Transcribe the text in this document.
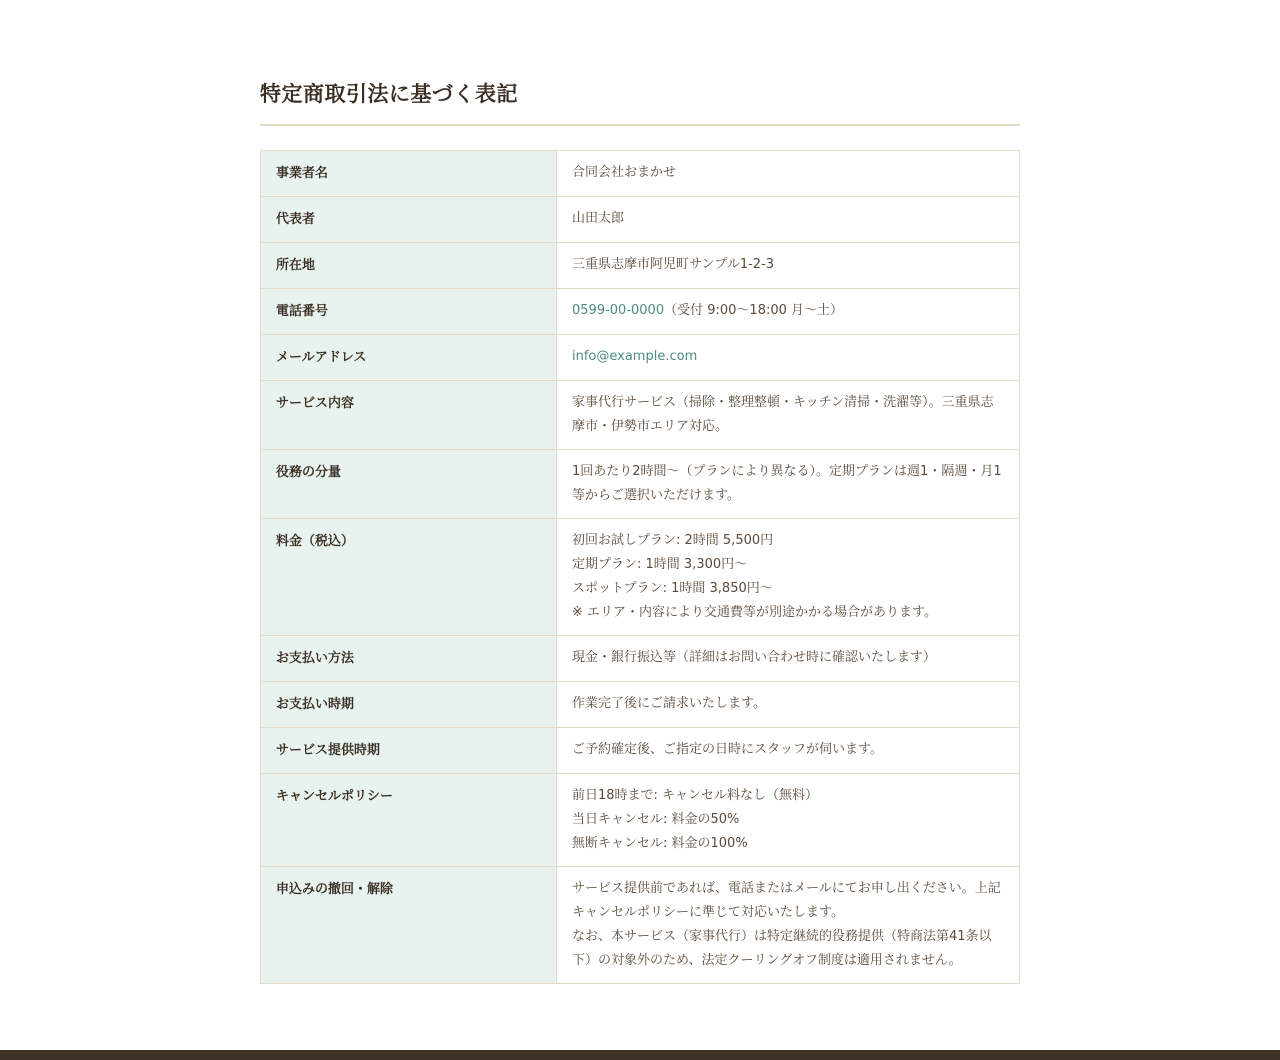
特定商取引法に基づく表記
事業者名	合同会社おまかせ

代表者	山田太郎

所在地	三重県志摩市阿児町サンプル1-2-3

電話番号	0599-00-0000（受付 9:00〜18:00 月〜土）

メールアドレス	info@example.com

サービス内容	家事代行サービス（掃除・整理整頓・キッチン清掃・洗濯等）。三重県志摩市・伊勢市エリア対応。

役務の分量	1回あたり2時間〜（プランにより異なる）。定期プランは週1・隔週・月1等からご選択いただけます。

料金（税込）	初回お試しプラン: 2時間 5,500円
定期プラン: 1時間 3,300円〜
スポットプラン: 1時間 3,850円〜
※ エリア・内容により交通費等が別途かかる場合があります。

お支払い方法	現金・銀行振込等（詳細はお問い合わせ時に確認いたします）

お支払い時期	作業完了後にご請求いたします。

サービス提供時期	ご予約確定後、ご指定の日時にスタッフが伺います。

キャンセルポリシー	前日18時まで: キャンセル料なし（無料）
当日キャンセル: 料金の50%
無断キャンセル: 料金の100%

申込みの撤回・解除	サービス提供前であれば、電話またはメールにてお申し出ください。上記キャンセルポリシーに準じて対応いたします。
なお、本サービス（家事代行）は特定継続的役務提供（特商法第41条以下）の対象外のため、法定クーリングオフ制度は適用されません。
